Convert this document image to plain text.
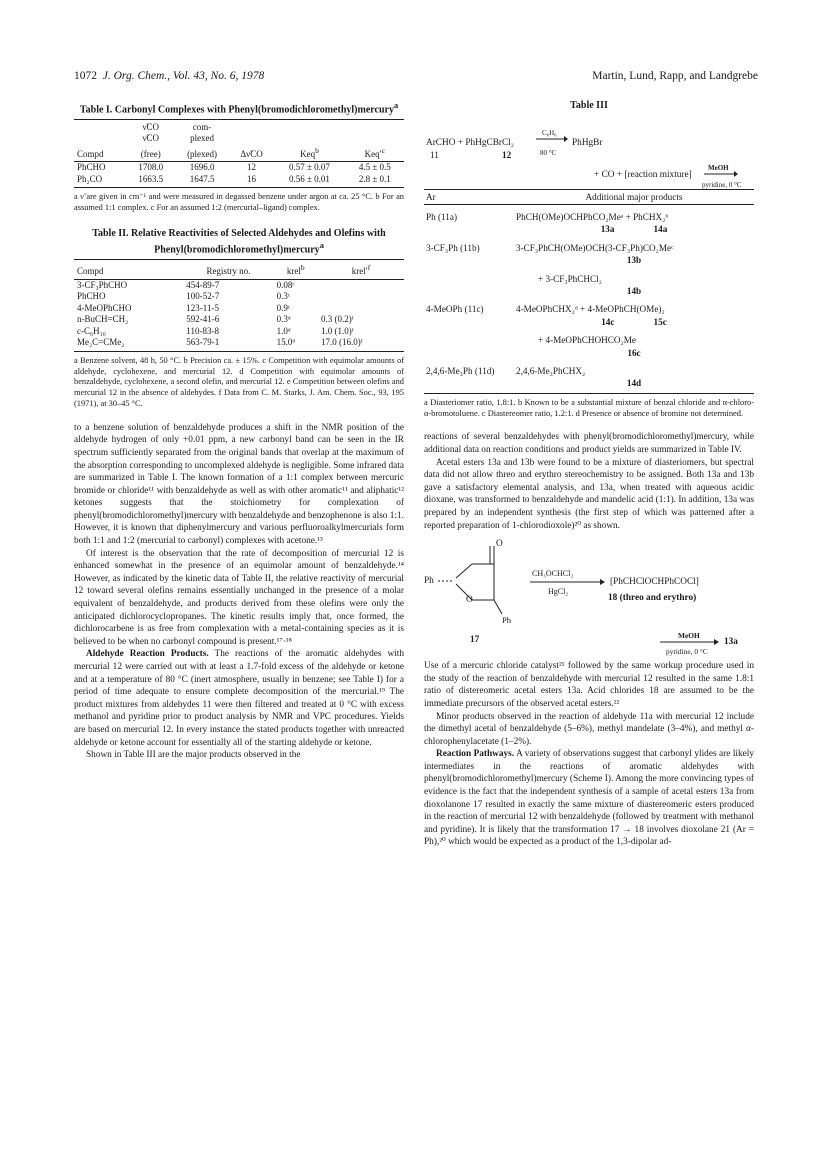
1072 J. Org. Chem., Vol. 43, No. 6, 1978	Martin, Lund, Rapp, and Landgrebe
Table I. Carbonyl Complexes with Phenyl(bromodichloromethyl)mercury$^a$
	ν̃CO	com-			
	ν̃CO	plexed			
Compd	(free)	(plexed)	Δν̃CO	Keq$^b$	$Keq'^c$
PhCHO	1708.0	1696.0	12	0.57 ± 0.07	4.5 ± 0.5
Ph₂CO	1663.5	1647.5	16	0.56 ± 0.01	2.8 ± 0.1
a ν̃ are given in cm⁻¹ and were measured in degassed benzene under argon at ca. 25 °C. b For an assumed 1:1 complex. c For an assumed 1:2 (mercurial–ligand) complex.
Table II. Relative Reactivities of Selected Aldehydes and Olefins with Phenyl(bromodichloromethyl)mercury$^a$
Compd	Registry no.	krel$^b$	$krel'^f$
3-CF₃PhCHO	454-89-7	0.08ᶜ	
PhCHO	100-52-7	0.3ᶜ	
4-MeOPhCHO	123-11-5	0.9ᶜ	
n-BuCH=CH₂	592-41-6	0.3ᵈ	0.3 (0.2)ᶠ
c-C₆H₁₀	110-83-8	1.0ᵈ	1.0 (1.0)ᶠ
Me₂C=CMe₂	563-79-1	15.0ᵈ	17.0 (16.0)ᶠ
a Benzene solvent, 48 h, 50 °C. b Precision ca. ± 15%. c Competition with equimolar amounts of aldehyde, cyclohexene, and mercurial 12. d Competition with equimolar amounts of benzaldehyde, cyclohexene, a second olefin, and mercurial 12. e Competition between olefins and mercurial 12 in the absence of aldehydes. f Data from C. M. Starks, J. Am. Chem. Soc., 93, 195 (1971), at 30–45 °C.

to a benzene solution of benzaldehyde produces a shift in the NMR position of the aldehyde hydrogen of only +0.01 ppm, a new carbonyl band can be seen in the IR spectrum sufficiently separated from the original bands that overlap at the maximum of the absorption corresponding to uncomplexed aldehyde is negligible. Some infrared data are summarized in Table I. The known formation of a 1:1 complex between mercuric bromide or chloride¹¹ with benzaldehyde as well as with other aromatic¹¹ and aliphatic¹² ketones suggests that the stoichiometry for complexation of phenyl(bromodichloromethyl)mercury with benzaldehyde and benzophenone is also 1:1. However, it is known that diphenylmercury and various perfluoroalkylmercurials form both 1:1 and 1:2 (mercurial to carbonyl) complexes with acetone.¹³

Of interest is the observation that the rate of decomposition of mercurial 12 is enhanced somewhat in the presence of an equimolar amount of benzaldehyde.¹⁴ However, as indicated by the kinetic data of Table II, the relative reactivity of mercurial 12 toward several olefins remains essentially unchanged in the presence of a molar equivalent of benzaldehyde, and products derived from these olefins were only the anticipated dichlorocyclopropanes. The kinetic results imply that, once formed, the dichlorocarbene is as free from complexation with a metal-containing species as it is believed to be when no carbonyl compound is present.¹⁷·¹⁸

Aldehyde Reaction Products. The reactions of the aromatic aldehydes with mercurial 12 were carried out with at least a 1.7-fold excess of the aldehyde or ketone and at a temperature of 80 °C (inert atmosphere, usually in benzene; see Table I) for a period of time adequate to ensure complete decomposition of the mercurial.¹⁹ The product mixtures from aldehydes 11 were then filtered and treated at 0 °C with excess methanol and pyridine prior to product analysis by NMR and VPC procedures. Yields are based on mercurial 12. In every instance the stated products together with unreacted aldehyde or ketone account for essentially all of the starting aldehyde or ketone.

Shown in Table III are the major products observed in the

Table III
ArCHO + PhHgCBrCl₂
C₆H₆
80 °C
PhHgBr
11	12
+ CO + [reaction mixture]
MeOH
pyridine, 0 °C
Ar	Additional major products
Ph (11a)	PhCH(OMe)OCHPhCO₂Meᵃ + PhCHX₂ᵇ
	13a                 14a
3-CF₃Ph (11b)	3-CF₃PhCH(OMe)OCH(3-CF₃Ph)CO₂Meᶜ
	13b
	+ 3-CF₃PhCHCl₂
	14b
4-MeOPh (11c)	4-MeOPhCHX₂ᵈ + 4-MeOPhCH(OMe)₂
	14c                 15c
	+ 4-MeOPhCHOHCO₂Me
	16c
2,4,6-Me₃Ph (11d)	2,4,6-Me₃PhCHX₂
	14d
a Diasteriomer ratio, 1.8:1. b Known to be a substantial mixture of benzal chloride and α-chloro-α-bromotoluene. c Diastereomer ratio, 1.2:1. d Presence or absence of bromine not determined.

reactions of several benzaldehydes with phenyl(bromodichloromethyl)mercury, while additional data on reaction conditions and product yields are summarized in Table IV.

Acetal esters 13a and 13b were found to be a mixture of diasteriomers, but spectral data did not allow threo and erythro stereochemistry to be assigned. Both 13a and 13b gave a satisfactory elemental analysis, and 13a, when treated with aqueous acidic dioxane, was transformed to benzaldehyde and mandelic acid (1:1). In addition, 13a was prepared by an independent synthesis (the first step of which was patterned after a reported preparation of 1-chlorodioxole)²⁰ as shown.

Ph
O
O
Ph
CH₃OCHCl₂
HgCl₂
[PhCHClOCHPhCOCl]
18 (threo and erythro)
17	MeOH
pyridine, 0 °C
13a

Use of a mercuric chloride catalyst²¹ followed by the same workup procedure used in the study of the reaction of benzaldehyde with mercurial 12 resulted in the same 1.8:1 ratio of distereomeric acetal esters 13a. Acid chlorides 18 are assumed to be the immediate precursors of the observed acetal esters.²²

Minor products observed in the reaction of aldehyde 11a with mercurial 12 include the dimethyl acetal of benzaldehyde (5–6%), methyl mandelate (3–4%), and methyl α-chlorophenylacetate (1–2%).

Reaction Pathways. A variety of observations suggest that carbonyl ylides are likely intermediates in the reactions of aromatic aldehydes with phenyl(bromodichloromethyl)mercury (Scheme I). Among the more convincing types of evidence is the fact that the independent synthesis of a sample of acetal esters 13a from dioxolanone 17 resulted in exactly the same mixture of diastereomeric esters produced in the reaction of mercurial 12 with benzaldehyde (followed by treatment with methanol and pyridine). It is likely that the transformation 17 → 18 involves dioxolane 21 (Ar = Ph),²⁰ which would be expected as a product of the 1,3-dipolar ad-
